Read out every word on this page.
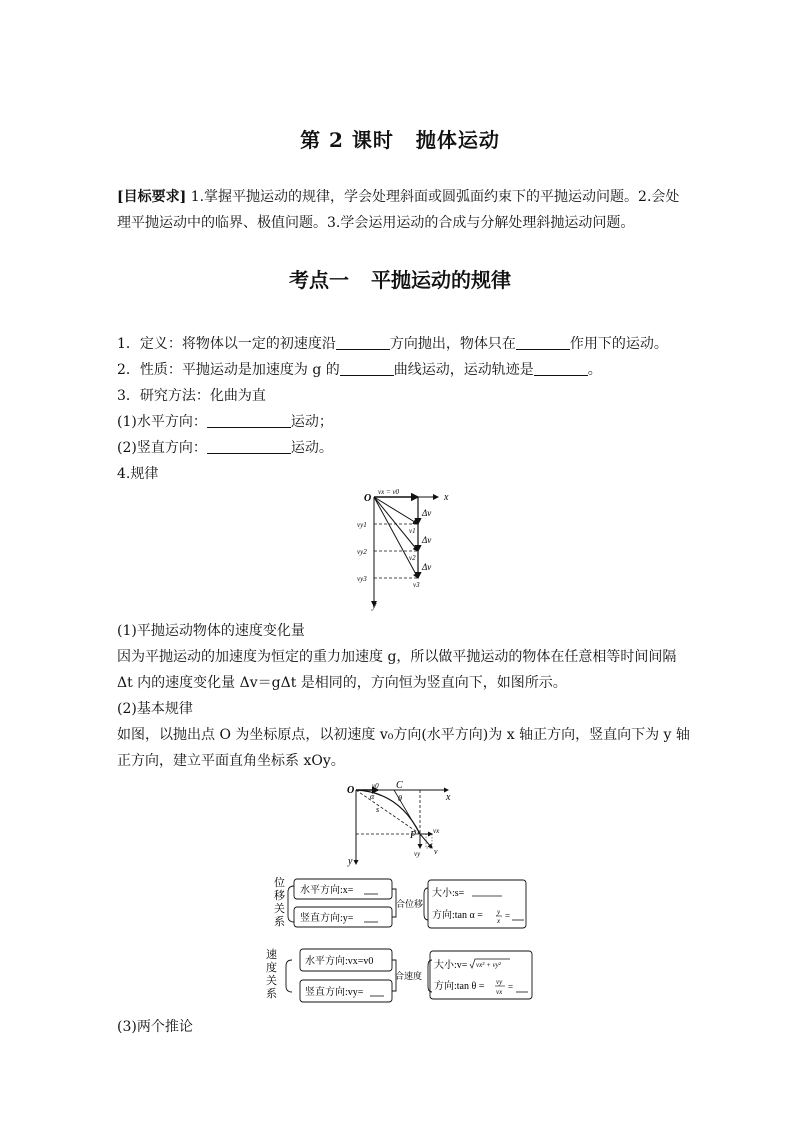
第 2 课时 抛体运动
[目标要求] 1.掌握平抛运动的规律，学会处理斜面或圆弧面约束下的平抛运动问题。2.会处
理平抛运动中的临界、极值问题。3.学会运用运动的合成与分解处理斜抛运动问题。
考点一 平抛运动的规律
1．定义：将物体以一定的初速度沿	方向抛出，物体只在	作用下的运动。
2．性质：平抛运动是加速度为 g 的	曲线运动，运动轨迹是	。
3．研究方法：化曲为直
(1)水平方向：	运动；
(2)竖直方向：	运动。
4.规律
O	x
y
vx = v0
Δv
Δv
Δv
vy1
vy2
vy3
v1
v2
v3
(1)平抛运动物体的速度变化量
因为平抛运动的加速度为恒定的重力加速度 g，所以做平抛运动的物体在任意相等时间间隔
Δt 内的速度变化量 Δv＝gΔt 是相同的，方向恒为竖直向下，如图所示。
(2)基本规律
如图，以抛出点 O 为坐标原点，以初速度 v₀方向(水平方向)为 x 轴正方向，竖直向下为 y 轴
正方向，建立平面直角坐标系 xOy。
O
x
y
C
v0
θ
α
s
P vx
vy v
位
移
关
系
水平方向:x=
竖直方向:y=
合位移
大小:s=
方向:tan α = y
x =
速
度
关
系
水平方向:vx=v0
竖直方向:vy=
合速度
大小:v= vx² + vy²
方向:tan θ = vy
vx =
(3)两个推论
